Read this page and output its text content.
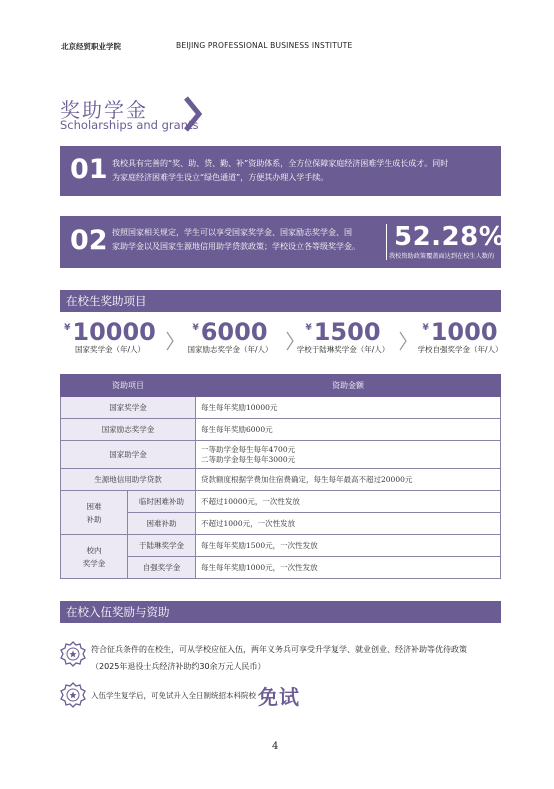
北京经贸职业学院	BEIJING PROFESSIONAL BUSINESS INSTITUTE
奖助学金
Scholarships and grants
01 我校具有完善的“奖、助、贷、勤、补”资助体系，全方位保障家庭经济困难学生成长成才。同时
为家庭经济困难学生设立“绿色通道”，方便其办理入学手续。
02 按照国家相关规定，学生可以享受国家奖学金、国家励志奖学金、国
家助学金以及国家生源地信用助学贷款政策；学校设立各等级奖学金。 52.28%
我校资助政策覆盖面达到在校生人数的
在校生奖助项目
¥10000
国家奖学金（年/人）
¥6000
国家励志奖学金（年/人）
¥1500
学校于陆琳奖学金（年/人）
¥1000
学校自强奖学金（年/人）
资助项目		资助金额
国家奖学金		每生每年奖励10000元
国家励志奖学金		每生每年奖励6000元
国家助学金		一等助学金每生每年4700元
二等助学金每生每年3000元

生源地信用助学贷款		贷款额度根据学费加住宿费确定，每生每年最高不超过20000元
困难
补助	临时困难补助	不超过10000元，一次性发放
	困难补助	不超过1000元，一次性发放
校内
奖学金	于陆琳奖学金	每生每年奖励1500元，一次性发放
	自强奖学金	每生每年奖励1000元，一次性发放
在校入伍奖励与资助
符合征兵条件的在校生，可从学校应征入伍，两年义务兵可享受升学复学、就业创业、经济补助等优待政策
（2025年退役士兵经济补助约30余万元人民币）
入伍学生复学后，可免试升入全日制统招本科院校 免试
4
